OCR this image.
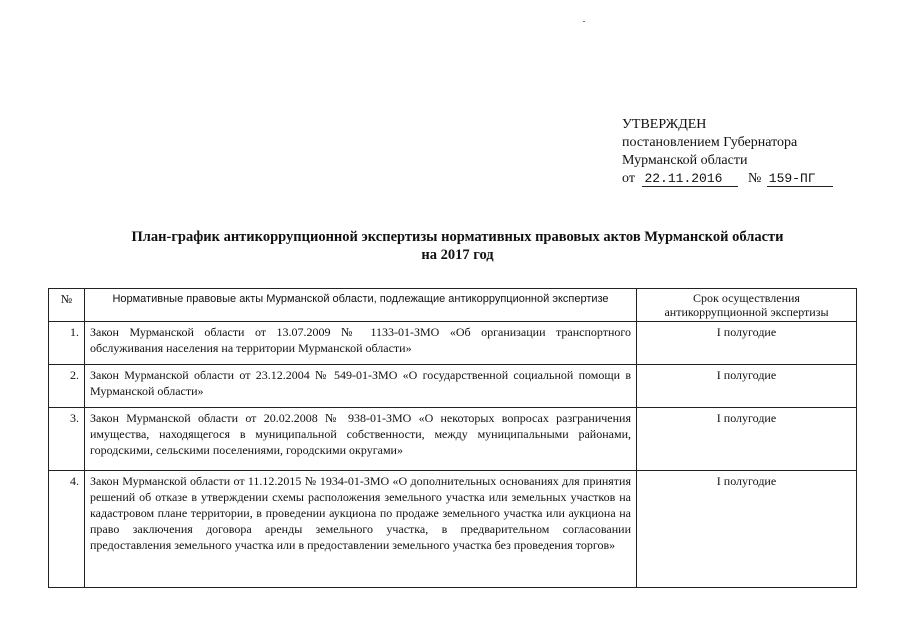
УТВЕРЖДЕН
постановлением Губернатора
Мурманской области
от 22.11.2016 № 159-ПГ
План-график антикоррупционной экспертизы нормативных правовых актов Мурманской области
на 2017 год
№	Нормативные правовые акты Мурманской области, подлежащие антикоррупционной экспертизе	Срок осуществления антикоррупционной экспертизы
1.	Закон Мурманской области от 13.07.2009 № 1133-01-ЗМО «Об организации транспортного обслуживания населения на территории Мурманской области»	I полугодие
2.	Закон Мурманской области от 23.12.2004 № 549-01-ЗМО «О государственной социальной помощи в Мурманской области»	I полугодие
3.	Закон Мурманской области от 20.02.2008 № 938-01-ЗМО «О некоторых вопросах разграничения имущества, находящегося в муниципальной собственности, между муниципальными районами, городскими, сельскими поселениями, городскими округами»	I полугодие
4.	Закон Мурманской области от 11.12.2015 № 1934-01-ЗМО «О дополнительных основаниях для принятия решений об отказе в утверждении схемы расположения земельного участка или земельных участков на кадастровом плане территории, в проведении аукциона по продаже земельного участка или аукциона на право заключения договора аренды земельного участка, в предварительном согласовании предоставления земельного участка или в предоставлении земельного участка без проведения торгов»	I полугодие
